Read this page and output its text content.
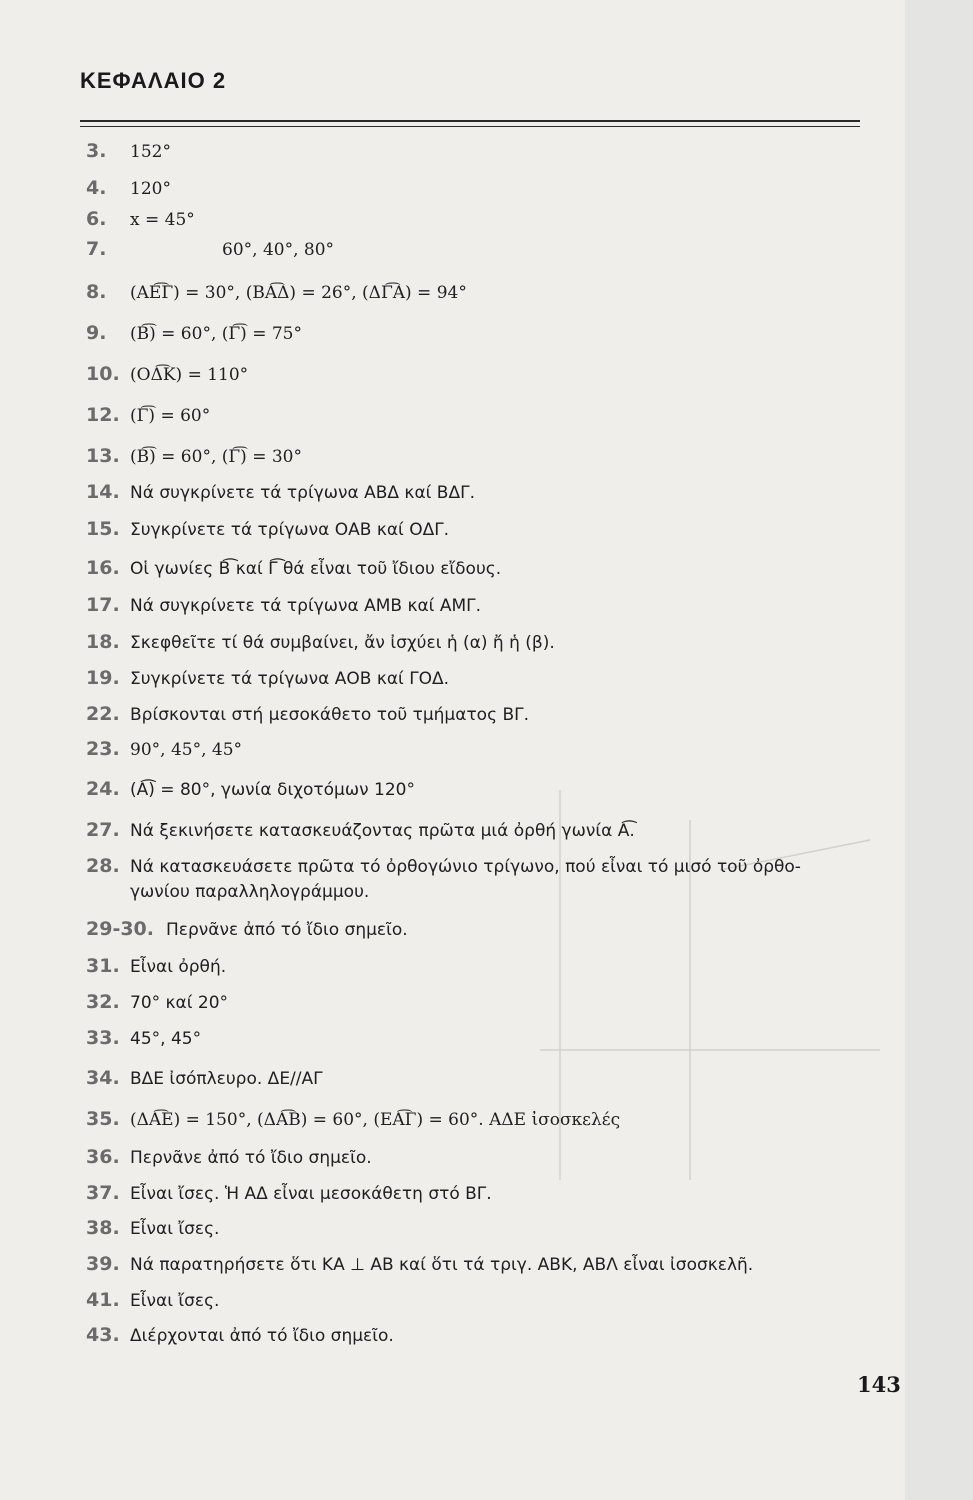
ΚΕΦΑΛΑΙΟ 2
3. 152°
4. 120°
6. x = 45°
7.	60°, 40°, 80°
8. (ΑΕ͡Γ) = 30°, (ΒΑ͡Δ) = 26°, (ΔΓ͡Α) = 94°
9. (Β͡) = 60°, (Γ͡) = 75°
10. (ΟΔ͡Κ) = 110°
12. (Γ͡) = 60°
13. (Β͡) = 60°, (Γ͡) = 30°
14. Νά συγκρίνετε τά τρίγωνα ΑΒΔ καί ΒΔΓ.
15. Συγκρίνετε τά τρίγωνα ΟΑΒ καί ΟΔΓ.
16. Οἱ γωνίες Β͡ καί Γ͡ θά εἶναι τοῦ ἴδιου εἴδους.
17. Νά συγκρίνετε τά τρίγωνα ΑΜΒ καί ΑΜΓ.
18. Σκεφθεῖτε τί θά συμβαίνει, ἄν ἰσχύει ἡ (α) ἤ ἡ (β).
19. Συγκρίνετε τά τρίγωνα ΑΟΒ καί ΓΟΔ.
22. Βρίσκονται στή μεσοκάθετο τοῦ τμήματος ΒΓ.
23. 90°, 45°, 45°
24. (Α͡) = 80°, γωνία διχοτόμων 120°
27. Νά ξεκινήσετε κατασκευάζοντας πρῶτα μιά ὀρθή γωνία Α͡.
28. Νά κατασκευάσετε πρῶτα τό ὀρθογώνιο τρίγωνο, πού εἶναι τό μισό τοῦ ὀρθο-
γωνίου παραλληλογράμμου.
29-30. Περνᾶνε ἀπό τό ἴδιο σημεῖο.
31. Εἶναι ὀρθή.
32. 70° καί 20°
33. 45°, 45°
34. ΒΔΕ ἰσόπλευρο. ΔΕ//ΑΓ
35. (ΔΑ͡Ε) = 150°, (ΔΑ͡Β) = 60°, (ΕΑ͡Γ) = 60°. ΑΔΕ ἰσοσκελές
36. Περνᾶνε ἀπό τό ἴδιο σημεῖο.
37. Εἶναι ἴσες. Ἡ ΑΔ εἶναι μεσοκάθετη στό ΒΓ.
38. Εἶναι ἴσες.
39. Νά παρατηρήσετε ὅτι ΚΑ ⊥ ΑΒ καί ὅτι τά τριγ. ΑΒΚ, ΑΒΛ εἶναι ἰσοσκελῆ.
41. Εἶναι ἴσες.
43. Διέρχονται ἀπό τό ἴδιο σημεῖο.
143
